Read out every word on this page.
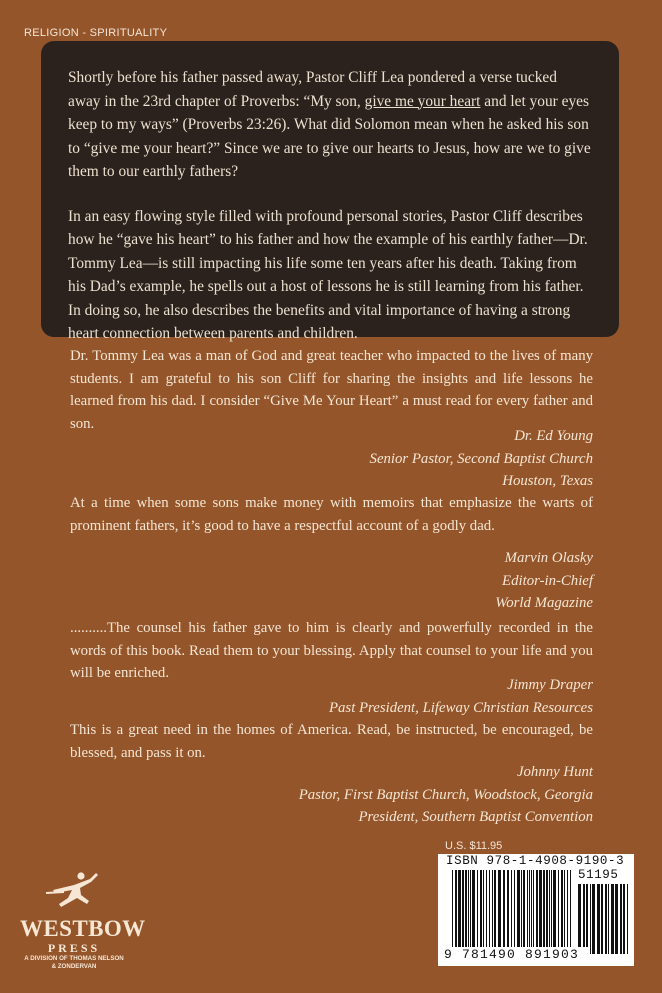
RELIGION - SPIRITUALITY

Shortly before his father passed away, Pastor Cliff Lea pondered a verse tucked away in the 23rd chapter of Proverbs: “My son, give me your heart and let your eyes keep to my ways” (Proverbs 23:26). What did Solomon mean when he asked his son to “give me your heart?” Since we are to give our hearts to Jesus, how are we to give them to our earthly fathers?

In an easy flowing style filled with profound personal stories, Pastor Cliff describes how he “gave his heart” to his father and how the example of his earthly father—Dr. Tommy Lea—is still impacting his life some ten years after his death. Taking from his Dad’s example, he spells out a host of lessons he is still learning from his father. In doing so, he also describes the benefits and vital importance of having a strong heart connection between parents and children.

Dr. Tommy Lea was a man of God and great teacher who impacted to the lives of many students. I am grateful to his son Cliff for sharing the insights and life lessons he learned from his dad. I consider “Give Me Your Heart” a must read for every father and son.

Dr. Ed Young
Senior Pastor, Second Baptist Church
Houston, Texas

At a time when some sons make money with memoirs that emphasize the warts of prominent fathers, it’s good to have a respectful account of a godly dad.

Marvin Olasky
Editor-in-Chief
World Magazine

..........The counsel his father gave to him is clearly and powerfully recorded in the words of this book. Read them to your blessing. Apply that counsel to your life and you will be enriched.

Jimmy Draper
Past President, Lifeway Christian Resources

This is a great need in the homes of America. Read, be instructed, be encouraged, be blessed, and pass it on.

Johnny Hunt
Pastor, First Baptist Church, Woodstock, Georgia
President, Southern Baptist Convention
U.S. $11.95
ISBN 978-1-4908-9190-3
51195
9 781490 891903
WESTBOW
PRESS
A DIVISION OF THOMAS NELSON
& ZONDERVAN
